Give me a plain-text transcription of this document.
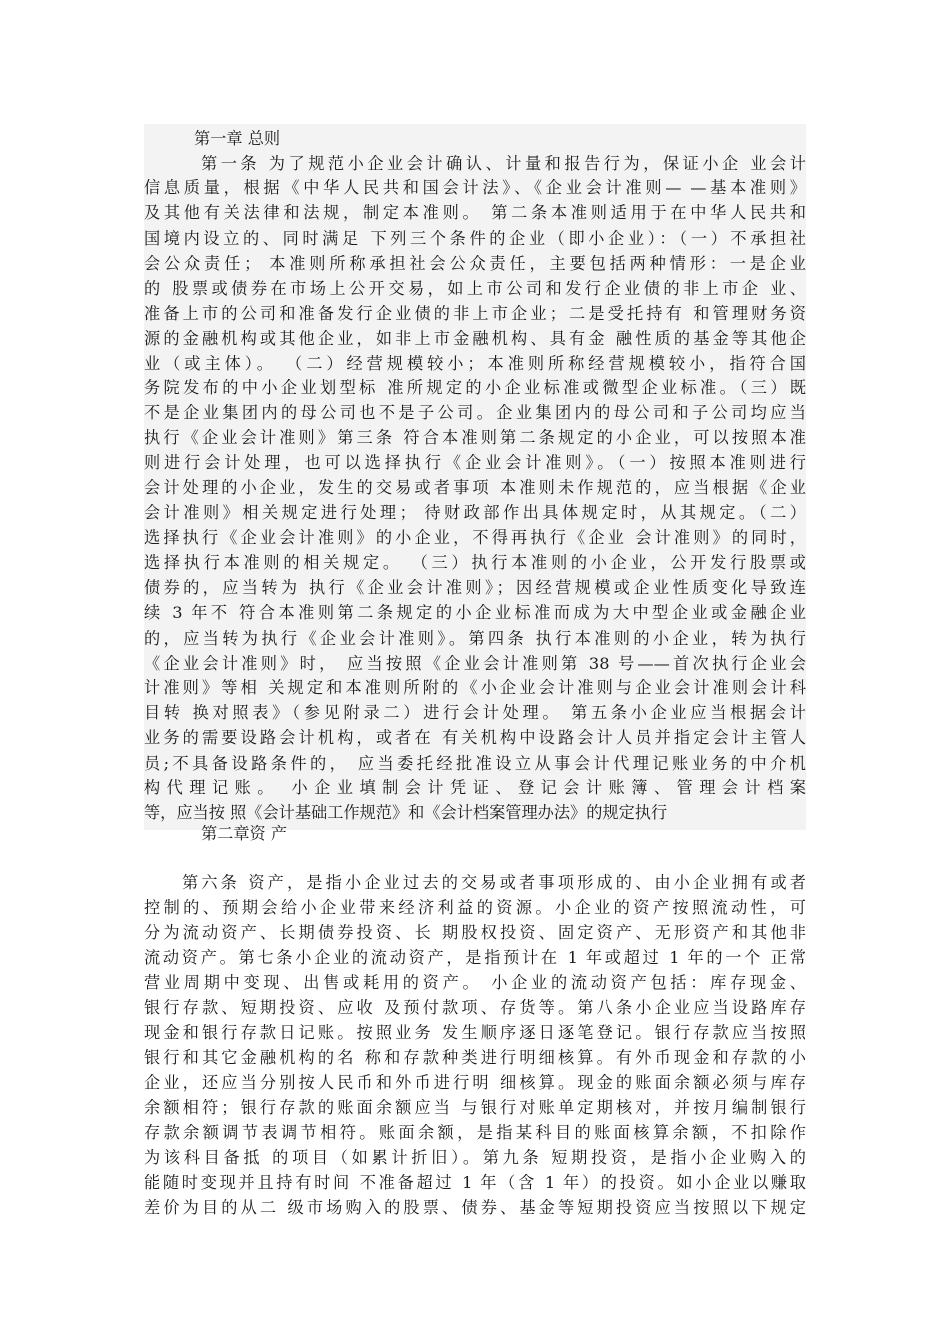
第一章 总则
第一条 为了规范小企业会计确认、计量和报告行为，保证小企 业会计
信息质量，根据《中华人民共和国会计法》、《企业会计准则— —基本准则》
及其他有关法律和法规，制定本准则。 第二条本准则适用于在中华人民共和
国境内设立的、同时满足 下列三个条件的企业（即小企业）：（一）不承担社
会公众责任； 本准则所称承担社会公众责任，主要包括两种情形：一是企业
的 股票或债券在市场上公开交易，如上市公司和发行企业债的非上市企 业、
准备上市的公司和准备发行企业债的非上市企业；二是受托持有 和管理财务资
源的金融机构或其他企业，如非上市金融机构、具有金 融性质的基金等其他企
业（或主体）。 （二）经营规模较小；本准则所称经营规模较小，指符合国
务院发布的中小企业划型标 准所规定的小企业标准或微型企业标准。（三）既
不是企业集团内的母公司也不是子公司。企业集团内的母公司和子公司均应当
执行《企业会计准则》第三条 符合本准则第二条规定的小企业，可以按照本准
则进行会计处理，也可以选择执行《企业会计准则》。（一）按照本准则进行
会计处理的小企业，发生的交易或者事项 本准则未作规范的，应当根据《企业
会计准则》相关规定进行处理； 待财政部作出具体规定时，从其规定。（二）
选择执行《企业会计准则》的小企业，不得再执行《企业 会计准则》的同时，
选择执行本准则的相关规定。 （三）执行本准则的小企业，公开发行股票或
债券的，应当转为 执行《企业会计准则》；因经营规模或企业性质变化导致连
续 3 年不 符合本准则第二条规定的小企业标准而成为大中型企业或金融企业
的，应当转为执行《企业会计准则》。第四条 执行本准则的小企业，转为执行
《企业会计准则》时， 应当按照《企业会计准则第 38 号——首次执行企业会
计准则》等相 关规定和本准则所附的《小企业会计准则与企业会计准则会计科
目转 换对照表》（参见附录二）进行会计处理。 第五条小企业应当根据会计
业务的需要设路会计机构，或者在 有关机构中设路会计人员并指定会计主管人
员;不具备设路条件的， 应当委托经批准设立从事会计代理记账业务的中介机
构代理记账。 小企业填制会计凭证、登记会计账簿、管理会计档案
等，应当按 照《会计基础工作规范》和《会计档案管理办法》的规定执行
第二章资 产
第六条 资产，是指小企业过去的交易或者事项形成的、由小企业拥有或者
控制的、预期会给小企业带来经济利益的资源。小企业的资产按照流动性，可
分为流动资产、长期债券投资、长 期股权投资、固定资产、无形资产和其他非
流动资产。第七条小企业的流动资产，是指预计在 1 年或超过 1 年的一个 正常
营业周期中变现、出售或耗用的资产。 小企业的流动资产包括：库存现金、
银行存款、短期投资、应收 及预付款项、存货等。第八条小企业应当设路库存
现金和银行存款日记账。按照业务 发生顺序逐日逐笔登记。银行存款应当按照
银行和其它金融机构的名 称和存款种类进行明细核算。有外币现金和存款的小
企业，还应当分别按人民币和外币进行明 细核算。现金的账面余额必须与库存
余额相符；银行存款的账面余额应当 与银行对账单定期核对，并按月编制银行
存款余额调节表调节相符。账面余额，是指某科目的账面核算余额，不扣除作
为该科目备抵 的项目（如累计折旧）。第九条 短期投资，是指小企业购入的
能随时变现并且持有时间 不准备超过 1 年（含 1 年）的投资。如小企业以赚取
差价为目的从二 级市场购入的股票、债券、基金等短期投资应当按照以下规定
